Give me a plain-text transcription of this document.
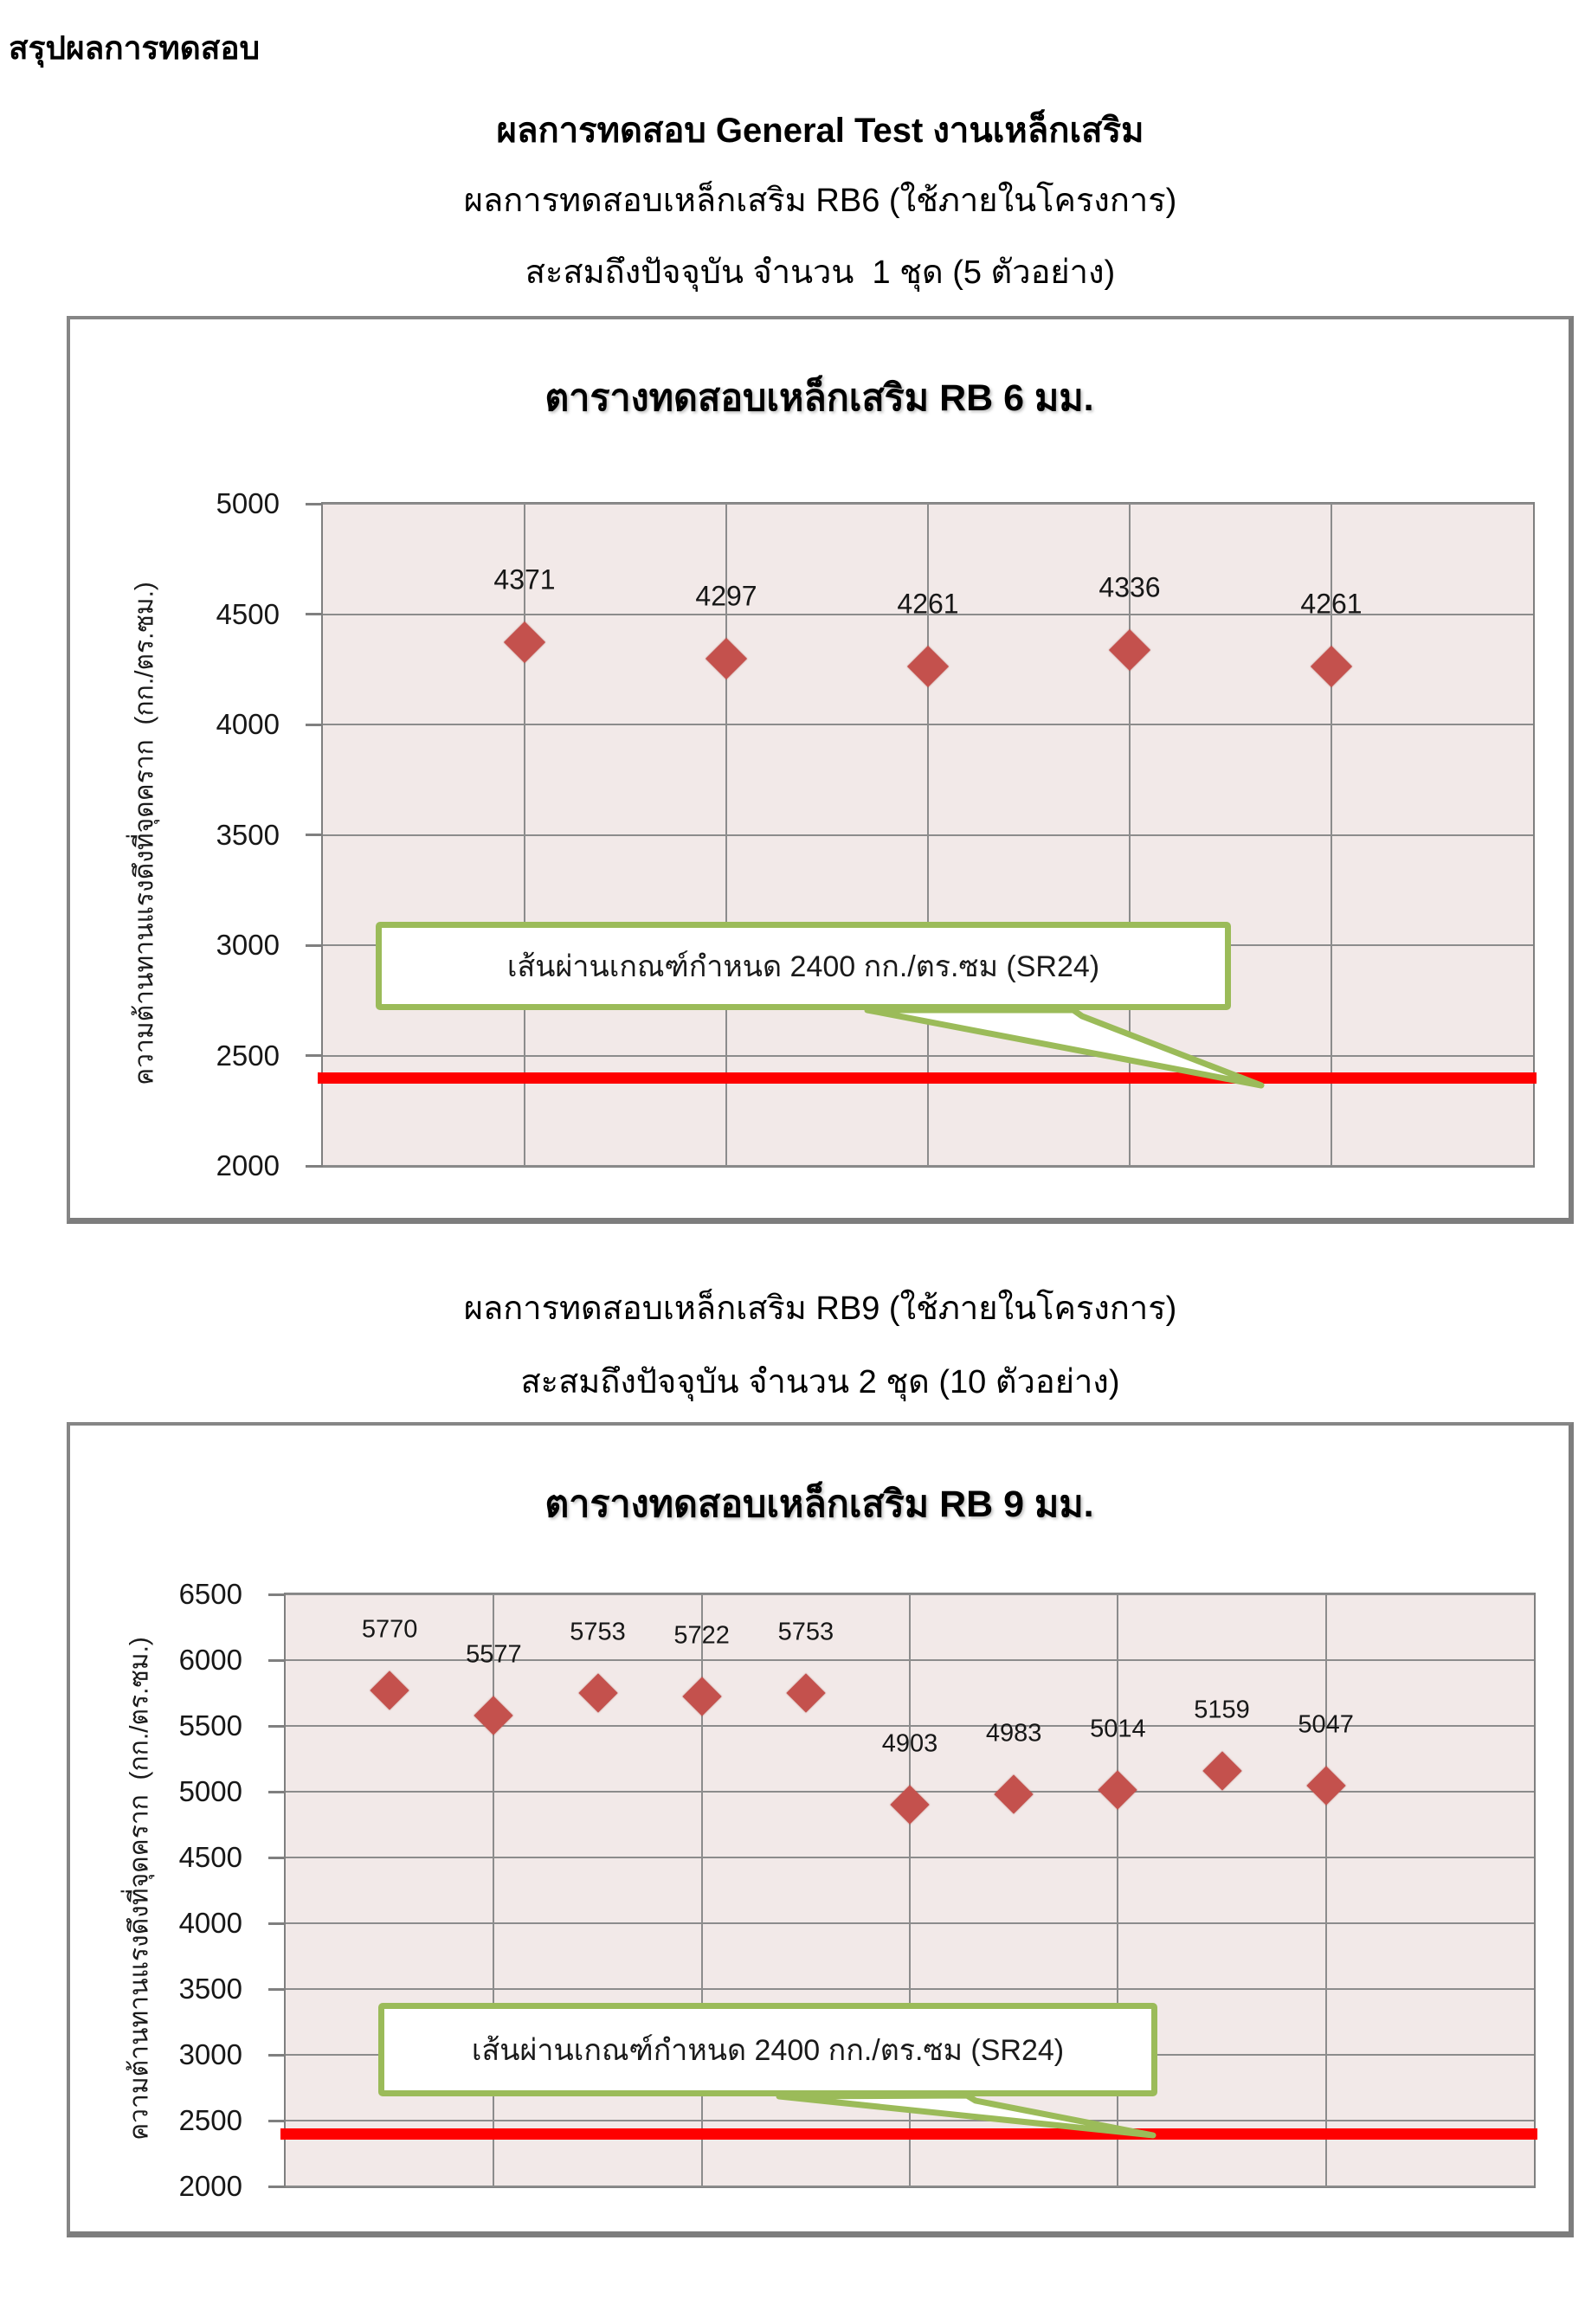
สรุปผลการทดสอบ
ผลการทดสอบ General Test งานเหล็กเสริม
ผลการทดสอบเหล็กเสริม RB6 (ใช้ภายในโครงการ)
สะสมถึงปัจจุบัน จำนวน  1 ชุด (5 ตัวอย่าง)
ตารางทดสอบเหล็กเสริม RB 6 มม.
ความต้านทานแรงดึงที่จุดคราก  (กก./ตร.ซม.)
5000
4500
4000
3500
3000
2500
2000
เส้นผ่านเกณฑ์กำหนด 2400 กก./ตร.ซม (SR24)
4371
4297	4261
4336
4261
ผลการทดสอบเหล็กเสริม RB9 (ใช้ภายในโครงการ)
สะสมถึงปัจจุบัน จำนวน 2 ชุด (10 ตัวอย่าง)
ตารางทดสอบเหล็กเสริม RB 9 มม.
ความต้านทานแรงดึงที่จุดคราก  (กก./ตร.ซม.)
6500
6000
5500
5000
4500
4000
3500
3000
2500
2000
เส้นผ่านเกณฑ์กำหนด 2400 กก./ตร.ซม (SR24)
5770
5577
5753 5722 5753
4903 4983 5014
5159
5047
